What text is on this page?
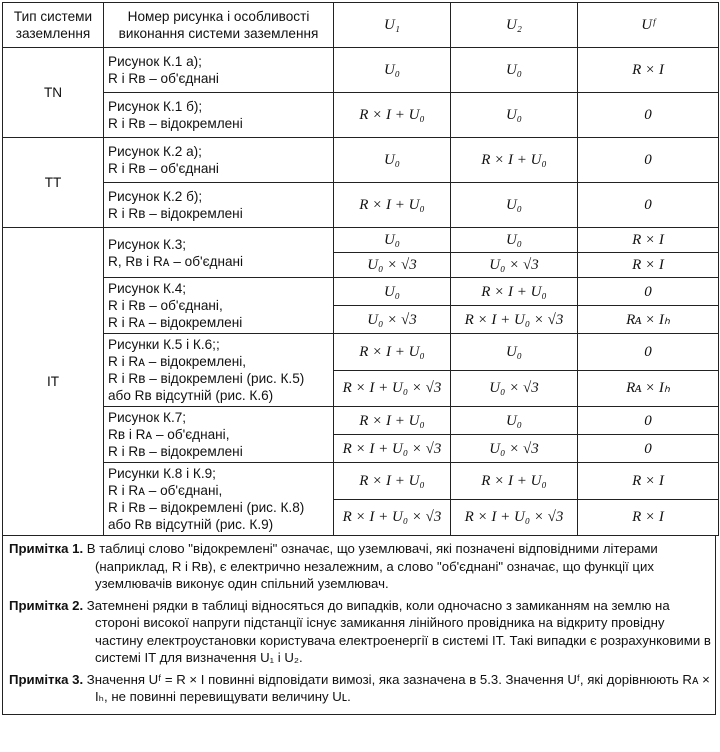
Тип системи заземлення	Номер рисунка і особливості виконання системи заземлення	U₁	U₂	Uᶠ
TN	Рисунок К.1 а);
R і Rʙ – об'єднані	U₀	U₀	R × I

	Рисунок К.1 б);
R і Rʙ – відокремлені	R × I + U₀	U₀	0
TT	Рисунок К.2 а);
R і Rʙ – об'єднані	U₀	R × I + U₀	0

	Рисунок К.2 б);
R і Rʙ – відокремлені	R × I + U₀	U₀	0
IT	Рисунок К.3;
R, Rʙ і Rᴀ – об'єднані	U₀	U₀	R × I
		U₀ × √3	U₀ × √3	R × I

	Рисунок К.4;
R і Rʙ – об'єднані,
R і Rᴀ – відокремлені	U₀	R × I + U₀	0
		U₀ × √3	R × I + U₀ × √3	Rᴀ × Iₕ

	Рисунки К.5 і К.6;;
R і Rᴀ – відокремлені,
R і Rʙ – відокремлені (рис. К.5)
або Rʙ відсутній (рис. К.6)	R × I + U₀	U₀	0
		R × I + U₀ × √3	U₀ × √3	Rᴀ × Iₕ

	Рисунок К.7;
Rʙ і Rᴀ – об'єднані,
R і Rʙ – відокремлені	R × I + U₀	U₀	0
		R × I + U₀ × √3	U₀ × √3	0

	Рисунки К.8 і К.9;
R і Rᴀ – об'єднані,
R і Rʙ – відокремлені (рис. К.8)
або Rʙ відсутній (рис. К.9)	R × I + U₀	R × I + U₀	R × I
		R × I + U₀ × √3	R × I + U₀ × √3	R × I

Примітка 1. В таблиці слово "відокремлені" означає, що уземлювачі, які позначені відповідними літерами (наприклад, R і Rʙ), є електрично незалежним, а слово "об'єднані" означає, що функції цих уземлювачів виконує один спільний уземлювач.

Примітка 2. Затемнені рядки в таблиці відносяться до випадків, коли одночасно з замиканням на землю на стороні високої напруги підстанції існує замикання лінійного провідника на відкриту провідну частину електроустановки користувача електроенергії в системі IT. Такі випадки є розрахунковими в системі IT для визначення U₁ і U₂.

Примітка 3. Значення Uᶠ = R × I повинні відповідати вимозі, яка зазначена в 5.3. Значення Uᶠ, які дорівнюють Rᴀ × Iₕ, не повинні перевищувати величину Uʟ.
